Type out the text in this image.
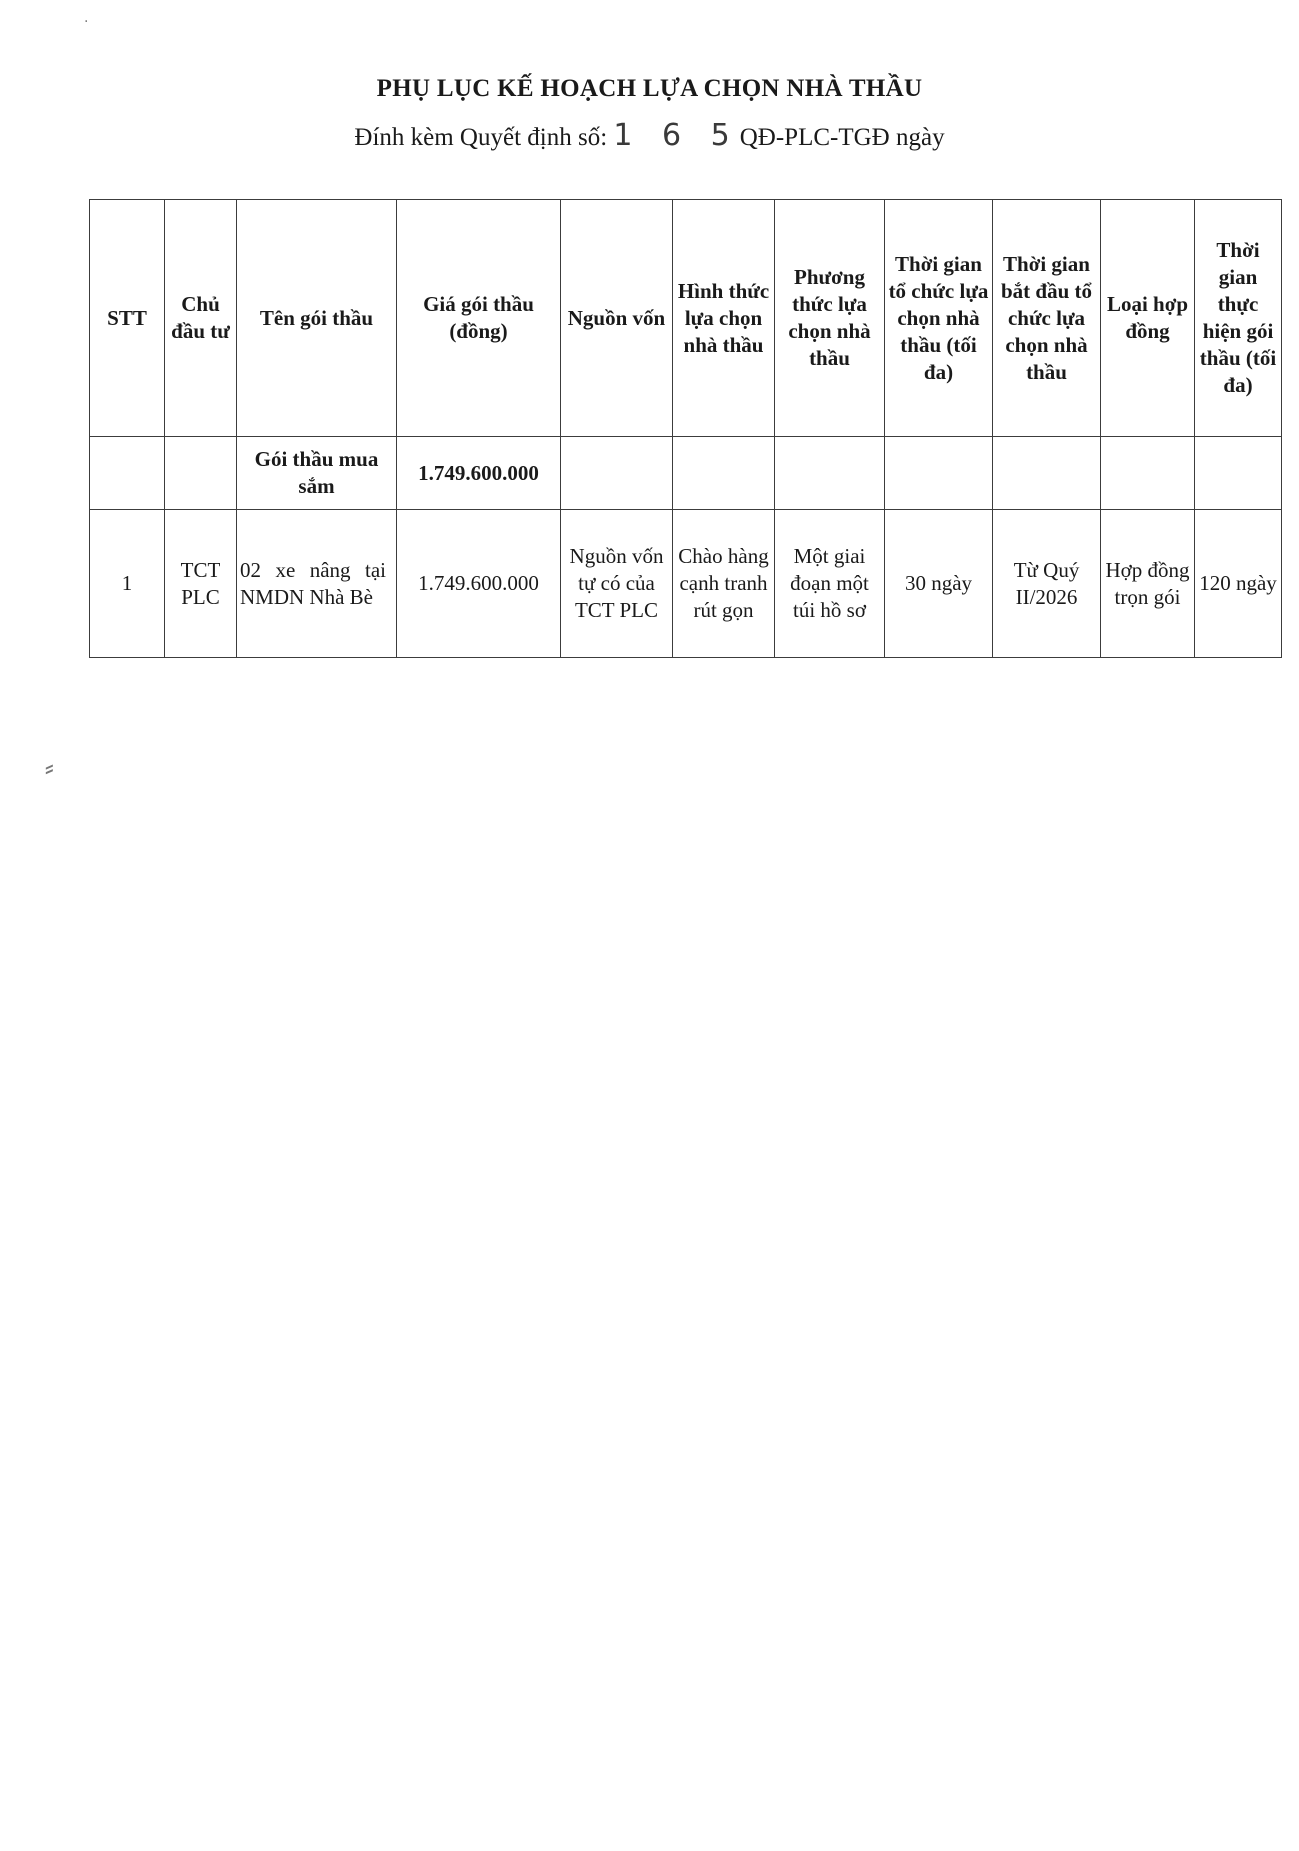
PHỤ LỤC KẾ HOẠCH LỰA CHỌN NHÀ THẦU
Đính kèm Quyết định số: 1 6 5QĐ-PLC-TGĐ ngày
STT	Chủ đầu tư	Tên gói thầu	Giá gói thầu (đồng)	Nguồn vốn	Hình thức lựa chọn nhà thầu	Phương thức lựa chọn nhà thầu	Thời gian tổ chức lựa chọn nhà thầu (tối đa)	Thời gian bắt đầu tổ chức lựa chọn nhà thầu	Loại hợp đồng	Thời gian thực hiện gói thầu (tối đa)
		Gói thầu mua sắm	1.749.600.000							
1	TCT PLC	02 xe nâng tại NMDN Nhà Bè	1.749.600.000	Nguồn vốn tự có của TCT PLC	Chào hàng cạnh tranh rút gọn	Một giai đoạn một túi hồ sơ	30 ngày	Từ Quý II/2026	Hợp đồng trọn gói	120 ngày
⸗
·
